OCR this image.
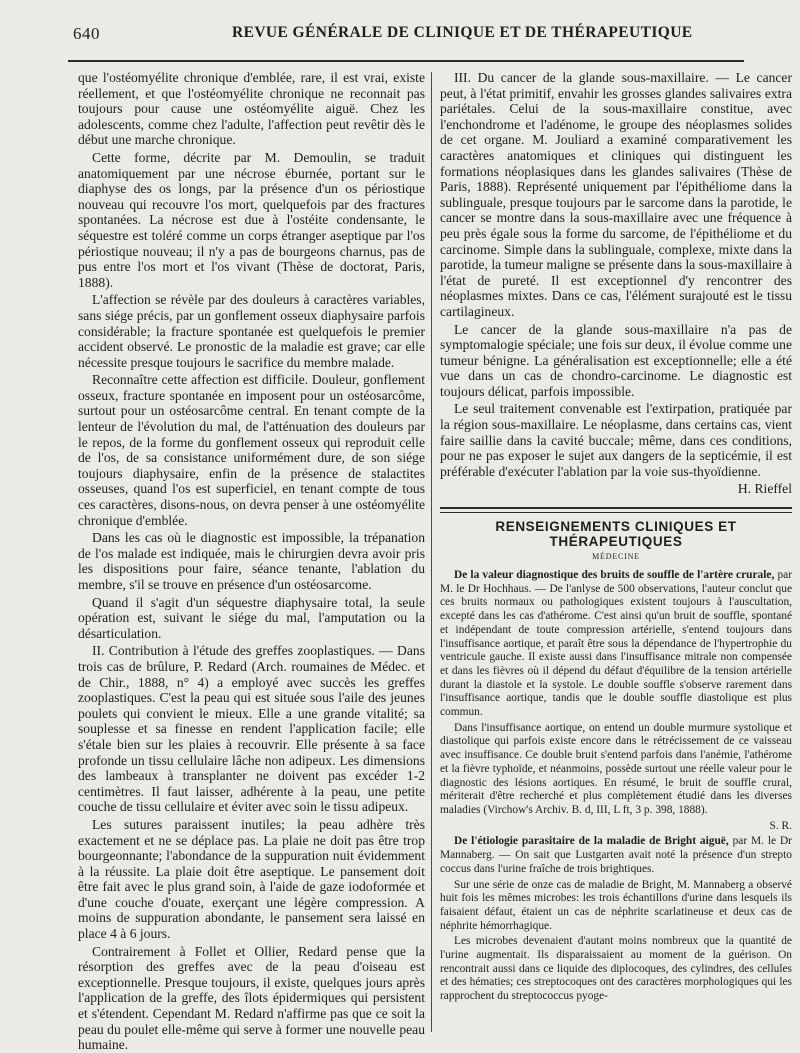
640	REVUE GÉNÉRALE DE CLINIQUE ET DE THÉRAPEUTIQUE

que l'ostéomyélite chronique d'emblée, rare, il est vrai, existe réellement, et que l'ostéomyélite chronique ne reconnait pas toujours pour cause une ostéomyélite aiguë. Chez les adolescents, comme chez l'adulte, l'affection peut revêtir dès le début une marche chronique.

Cette forme, décrite par M. Demoulin, se traduit anatomiquement par une nécrose éburnée, portant sur le diaphyse des os longs, par la présence d'un os périostique nouveau qui recouvre l'os mort, quelquefois par des fractures spontanées. La nécrose est due à l'ostéite condensante, le séquestre est toléré comme un corps étranger aseptique par l'os périostique nouveau; il n'y a pas de bourgeons charnus, pas de pus entre l'os mort et l'os vivant (Thèse de doctorat, Paris, 1888).

L'affection se révèle par des douleurs à caractères variables, sans siége précis, par un gonflement osseux diaphysaire parfois considérable; la fracture spontanée est quelquefois le premier accident observé. Le pronostic de la maladie est grave; car elle nécessite presque toujours le sacrifice du membre malade.

Reconnaître cette affection est difficile. Douleur, gonflement osseux, fracture spontanée en imposent pour un ostéosarcôme, surtout pour un ostéosarcôme central. En tenant compte de la lenteur de l'évolution du mal, de l'atténuation des douleurs par le repos, de la forme du gonflement osseux qui reproduit celle de l'os, de sa consistance uniformément dure, de son siége toujours diaphysaire, enfin de la présence de stalactites osseuses, quand l'os est superficiel, en tenant compte de tous ces caractères, disons-nous, on devra penser à une ostéomyélite chronique d'emblée.

Dans les cas où le diagnostic est impossible, la trépanation de l'os malade est indiquée, mais le chirurgien devra avoir pris les dispositions pour faire, séance tenante, l'ablation du membre, s'il se trouve en présence d'un ostéosarcome.

Quand il s'agit d'un séquestre diaphysaire total, la seule opération est, suivant le siége du mal, l'amputation ou la désarticulation.

II. Contribution à l'étude des greffes zooplastiques. — Dans trois cas de brûlure, P. Redard (Arch. roumaines de Médec. et de Chir., 1888, n° 4) a employé avec succès les greffes zooplastiques. C'est la peau qui est située sous l'aile des jeunes poulets qui convient le mieux. Elle a une grande vitalité; sa souplesse et sa finesse en rendent l'application facile; elle s'étale bien sur les plaies à recouvrir. Elle présente à sa face profonde un tissu cellulaire lâche non adipeux. Les dimensions des lambeaux à transplanter ne doivent pas excéder 1-2 centimètres. Il faut laisser, adhérente à la peau, une petite couche de tissu cellulaire et éviter avec soin le tissu adipeux.

Les sutures paraissent inutiles; la peau adhère très exactement et ne se déplace pas. La plaie ne doit pas être trop bourgeonnante; l'abondance de la suppuration nuit évidemment à la réussite. La plaie doit être aseptique. Le pansement doit être fait avec le plus grand soin, à l'aide de gaze iodoformée et d'une couche d'ouate, exerçant une légère compression. A moins de suppuration abondante, le pansement sera laissé en place 4 à 6 jours.

Contrairement à Follet et Ollier, Redard pense que la résorption des greffes avec de la peau d'oiseau est exceptionnelle. Presque toujours, il existe, quelques jours après l'application de la greffe, des îlots épidermiques qui persistent et s'étendent. Cependant M. Redard n'affirme pas que ce soit la peau du poulet elle-même qui serve à former une nouvelle peau humaine.

III. Du cancer de la glande sous-maxillaire. — Le cancer peut, à l'état primitif, envahir les grosses glandes salivaires extra pariétales. Celui de la sous-maxillaire constitue, avec l'enchondrome et l'adénome, le groupe des néoplasmes solides de cet organe. M. Jouliard a examiné comparativement les caractères anatomiques et cliniques qui distinguent les formations néoplasiques dans les glandes salivaires (Thèse de Paris, 1888). Représenté uniquement par l'épithéliome dans la sublinguale, presque toujours par le sarcome dans la parotide, le cancer se montre dans la sous-maxillaire avec une fréquence à peu près égale sous la forme du sarcome, de l'épithéliome et du carcinome. Simple dans la sublinguale, complexe, mixte dans la parotide, la tumeur maligne se présente dans la sous-maxillaire à l'état de pureté. Il est exceptionnel d'y rencontrer des néoplasmes mixtes. Dans ce cas, l'élément surajouté est le tissu cartilagineux.

Le cancer de la glande sous-maxillaire n'a pas de symptomalogie spéciale; une fois sur deux, il évolue comme une tumeur bénigne. La généralisation est exceptionnelle; elle a été vue dans un cas de chondro-carcinome. Le diagnostic est toujours délicat, parfois impossible.

Le seul traitement convenable est l'extirpation, pratiquée par la région sous-maxillaire. Le néoplasme, dans certains cas, vient faire saillie dans la cavité buccale; même, dans ces conditions, pour ne pas exposer le sujet aux dangers de la septicémie, il est préférable d'exécuter l'ablation par la voie sus-thyoïdienne.

H. Rieffel

RENSEIGNEMENTS CLINIQUES ET THÉRAPEUTIQUES
MÉDECINE

De la valeur diagnostique des bruits de souffle de l'artère crurale, par M. le Dr Hochhaus. — De l'anlyse de 500 observations, l'auteur conclut que ces bruits normaux ou pathologiques existent toujours à l'auscultation, excepté dans les cas d'athérome. C'est ainsi qu'un bruit de souffle, spontané et indépendant de toute compression artérielle, s'entend toujours dans l'insuffisance aortique, et paraît être sous la dépendance de l'hypertrophie du ventricule gauche. Il existe aussi dans l'insuffisance mitrale non compensée et dans les fièvres où il dépend du défaut d'équilibre de la tension artérielle durant la diastole et la systole. Le double souffle s'observe rarement dans l'insuffisance aortique, tandis que le double souffle diastolique est plus commun.

Dans l'insuffisance aortique, on entend un double murmure systolique et diastolique qui parfois existe encore dans le rétrécissement de ce vaisseau avec insuffisance. Ce double bruit s'entend parfois dans l'anémie, l'athérome et la fièvre typhoïde, et néanmoins, possède surtout une réelle valeur pour le diagnostic des lésions aortiques. En résumé, le bruit de souffle crural, mériterait d'être recherché et plus complètement étudié dans les diverses maladies (Virchow's Archiv. B. d, III, L ft, 3 p. 398, 1888).

S. R.

De l'étiologie parasitaire de la maladie de Bright aiguë, par M. le Dr Mannaberg. — On sait que Lustgarten avait noté la présence d'un strepto coccus dans l'urine fraîche de trois brightiques.

Sur une série de onze cas de maladie de Bright, M. Mannaberg a observé huit fois les mêmes microbes: les trois échantillons d'urine dans lesquels ils faisaient défaut, étaient un cas de néphrite scarlatineuse et deux cas de néphrite hémorrhagique.

Les microbes devenaient d'autant moins nombreux que la quantité de l'urine augmentait. Ils disparaissaient au moment de la guérison. On rencontrait aussi dans ce liquide des diplocoques, des cylindres, des cellules et des hématies; ces streptocoques ont des caractères morphologiques qui les rapprochent du streptococcus pyoge-
